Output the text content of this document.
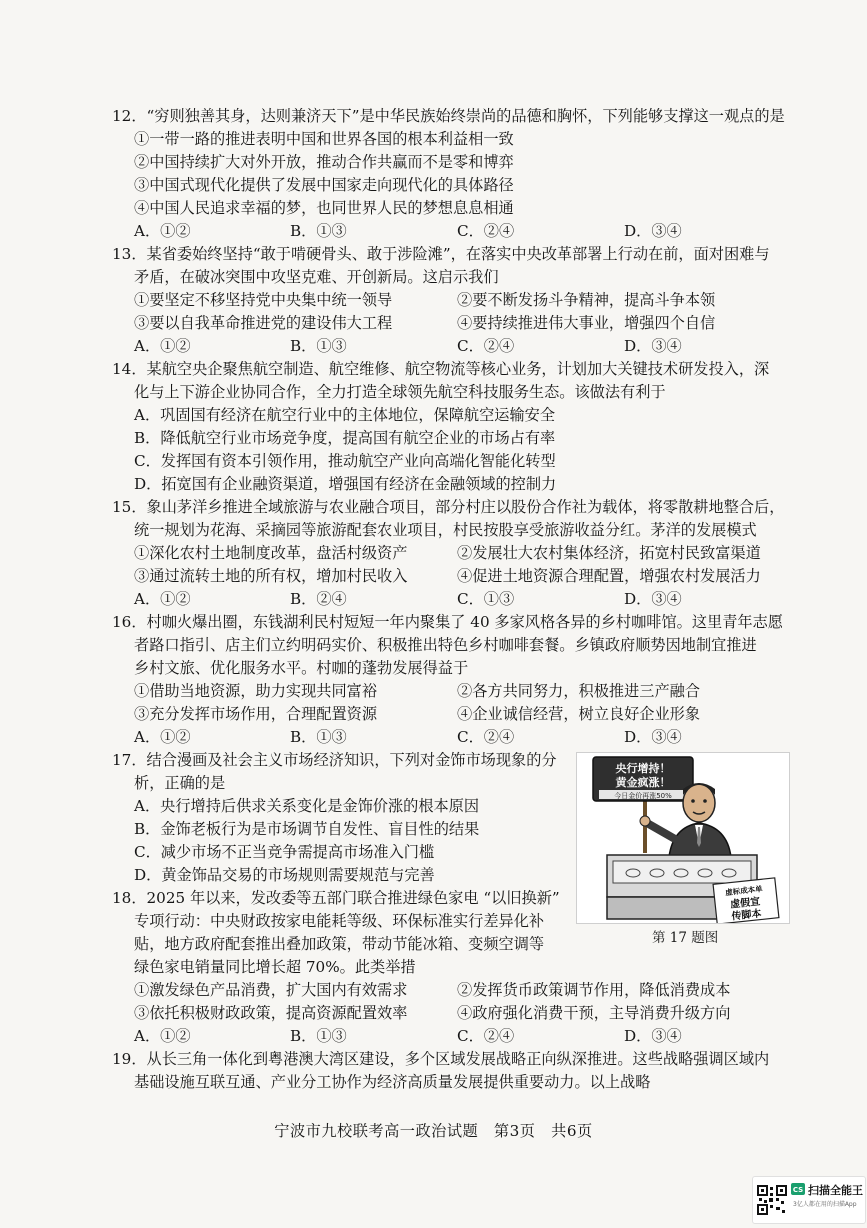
12．“穷则独善其身，达则兼济天下”是中华民族始终崇尚的品德和胸怀，下列能够支撑这一观点的是
①一带一路的推进表明中国和世界各国的根本利益相一致
②中国持续扩大对外开放，推动合作共赢而不是零和博弈
③中国式现代化提供了发展中国家走向现代化的具体路径
④中国人民追求幸福的梦，也同世界人民的梦想息息相通
A．①②	B．①③	C．②④	D．③④
13．某省委始终坚持“敢于啃硬骨头、敢于涉险滩”，在落实中央改革部署上行动在前，面对困难与
矛盾，在破冰突围中攻坚克难、开创新局。这启示我们
①要坚定不移坚持党中央集中统一领导	②要不断发扬斗争精神，提高斗争本领
③要以自我革命推进党的建设伟大工程	④要持续推进伟大事业，增强四个自信
A．①②	B．①③	C．②④	D．③④
14．某航空央企聚焦航空制造、航空维修、航空物流等核心业务，计划加大关键技术研发投入，深
化与上下游企业协同合作，全力打造全球领先航空科技服务生态。该做法有利于
A．巩固国有经济在航空行业中的主体地位，保障航空运输安全
B．降低航空行业市场竞争度，提高国有航空企业的市场占有率
C．发挥国有资本引领作用，推动航空产业向高端化智能化转型
D．拓宽国有企业融资渠道，增强国有经济在金融领域的控制力
15．象山茅洋乡推进全域旅游与农业融合项目，部分村庄以股份合作社为载体，将零散耕地整合后，
统一规划为花海、采摘园等旅游配套农业项目，村民按股享受旅游收益分红。茅洋的发展模式
①深化农村土地制度改革，盘活村级资产	②发展壮大农村集体经济，拓宽村民致富渠道
③通过流转土地的所有权，增加村民收入	④促进土地资源合理配置，增强农村发展活力
A．①②	B．②④	C．①③	D．③④
16．村咖火爆出圈，东钱湖利民村短短一年内聚集了 40 多家风格各异的乡村咖啡馆。这里青年志愿
者路口指引、店主们立约明码实价、积极推出特色乡村咖啡套餐。乡镇政府顺势因地制宜推进
乡村文旅、优化服务水平。村咖的蓬勃发展得益于
①借助当地资源，助力实现共同富裕	②各方共同努力，积极推进三产融合
③充分发挥市场作用，合理配置资源	④企业诚信经营，树立良好企业形象
A．①②	B．①③	C．②④	D．③④
17．结合漫画及社会主义市场经济知识，下列对金饰市场现象的分
析，正确的是
A．央行增持后供求关系变化是金饰价涨的根本原因
B．金饰老板行为是市场调节自发性、盲目性的结果
C．减少市场不正当竞争需提高市场准入门槛
D．黄金饰品交易的市场规则需要规范与完善
央行增持！
黄金疯涨！
今日金价再涨50%
虚标成本单
虚假宣
传脚本
第 17 题图
18．2025 年以来，发改委等五部门联合推进绿色家电 “以旧换新”
专项行动：中央财政按家电能耗等级、环保标准实行差异化补
贴，地方政府配套推出叠加政策，带动节能冰箱、变频空调等
绿色家电销量同比增长超 70%。此类举措
①激发绿色产品消费，扩大国内有效需求	②发挥货币政策调节作用，降低消费成本
③依托积极财政政策，提高资源配置效率	④政府强化消费干预，主导消费升级方向
A．①②	B．①③	C．②④	D．③④
19．从长三角一体化到粤港澳大湾区建设，多个区域发展战略正向纵深推进。这些战略强调区域内
基础设施互联互通、产业分工协作为经济高质量发展提供重要动力。以上战略
宁波市九校联考高一政治试题　第3页　共6页
CS 扫描全能王
3亿人都在用的扫描App
